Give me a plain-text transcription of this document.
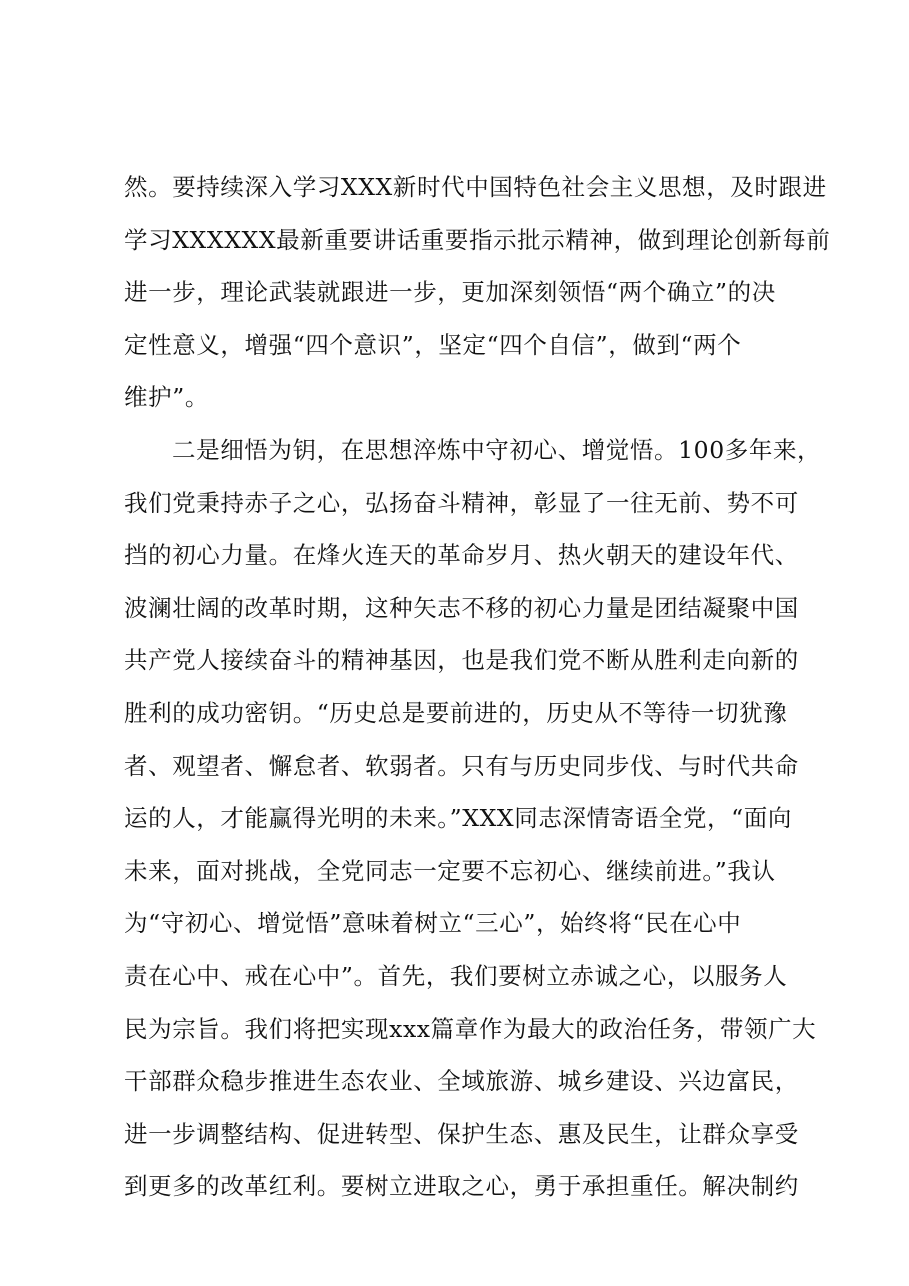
然。要持续深入学习XXX新时代中国特色社会主义思想，及时跟进
学习XXXXXX最新重要讲话重要指示批示精神，做到理论创新每前
进一步，理论武装就跟进一步，更加深刻领悟“两个确立”的决
定性意义，增强“四个意识”，坚定“四个自信”，做到“两个
维护”。
二是细悟为钥，在思想淬炼中守初心、增觉悟。100多年来，
我们党秉持赤子之心，弘扬奋斗精神，彰显了一往无前、势不可
挡的初心力量。在烽火连天的革命岁月、热火朝天的建设年代、
波澜壮阔的改革时期，这种矢志不移的初心力量是团结凝聚中国
共产党人接续奋斗的精神基因，也是我们党不断从胜利走向新的
胜利的成功密钥。“历史总是要前进的，历史从不等待一切犹豫
者、观望者、懈怠者、软弱者。只有与历史同步伐、与时代共命
运的人，才能赢得光明的未来。”XXX同志深情寄语全党，“面向
未来，面对挑战，全党同志一定要不忘初心、继续前进。”我认
为“守初心、增觉悟”意味着树立“三心”，始终将“民在心中
责在心中、戒在心中”。首先，我们要树立赤诚之心，以服务人
民为宗旨。我们将把实现xxx篇章作为最大的政治任务，带领广大
干部群众稳步推进生态农业、全域旅游、城乡建设、兴边富民，
进一步调整结构、促进转型、保护生态、惠及民生，让群众享受
到更多的改革红利。要树立进取之心，勇于承担重任。解决制约
